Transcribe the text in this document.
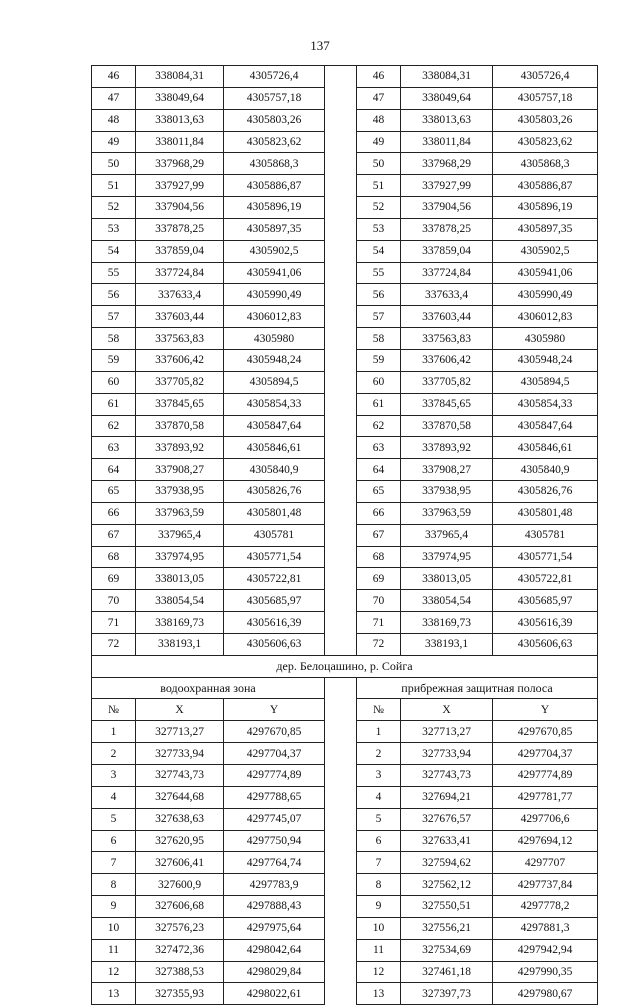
137
46	338084,31	4305726,4		46	338084,31	4305726,4
47	338049,64	4305757,18		47	338049,64	4305757,18
48	338013,63	4305803,26		48	338013,63	4305803,26
49	338011,84	4305823,62		49	338011,84	4305823,62
50	337968,29	4305868,3		50	337968,29	4305868,3
51	337927,99	4305886,87		51	337927,99	4305886,87
52	337904,56	4305896,19		52	337904,56	4305896,19
53	337878,25	4305897,35		53	337878,25	4305897,35
54	337859,04	4305902,5		54	337859,04	4305902,5
55	337724,84	4305941,06		55	337724,84	4305941,06
56	337633,4	4305990,49		56	337633,4	4305990,49
57	337603,44	4306012,83		57	337603,44	4306012,83
58	337563,83	4305980		58	337563,83	4305980
59	337606,42	4305948,24		59	337606,42	4305948,24
60	337705,82	4305894,5		60	337705,82	4305894,5
61	337845,65	4305854,33		61	337845,65	4305854,33
62	337870,58	4305847,64		62	337870,58	4305847,64
63	337893,92	4305846,61		63	337893,92	4305846,61
64	337908,27	4305840,9		64	337908,27	4305840,9
65	337938,95	4305826,76		65	337938,95	4305826,76
66	337963,59	4305801,48		66	337963,59	4305801,48
67	337965,4	4305781		67	337965,4	4305781
68	337974,95	4305771,54		68	337974,95	4305771,54
69	338013,05	4305722,81		69	338013,05	4305722,81
70	338054,54	4305685,97		70	338054,54	4305685,97
71	338169,73	4305616,39		71	338169,73	4305616,39
72	338193,1	4305606,63		72	338193,1	4305606,63
дер. Белоцашино, р. Сойга						
водоохранная зона				прибрежная защитная полоса		
№	X	Y		№	X	Y
1	327713,27	4297670,85		1	327713,27	4297670,85
2	327733,94	4297704,37		2	327733,94	4297704,37
3	327743,73	4297774,89		3	327743,73	4297774,89
4	327644,68	4297788,65		4	327694,21	4297781,77
5	327638,63	4297745,07		5	327676,57	4297706,6
6	327620,95	4297750,94		6	327633,41	4297694,12
7	327606,41	4297764,74		7	327594,62	4297707
8	327600,9	4297783,9		8	327562,12	4297737,84
9	327606,68	4297888,43		9	327550,51	4297778,2
10	327576,23	4297975,64		10	327556,21	4297881,3
11	327472,36	4298042,64		11	327534,69	4297942,94
12	327388,53	4298029,84		12	327461,18	4297990,35
13	327355,93	4298022,61		13	327397,73	4297980,67
